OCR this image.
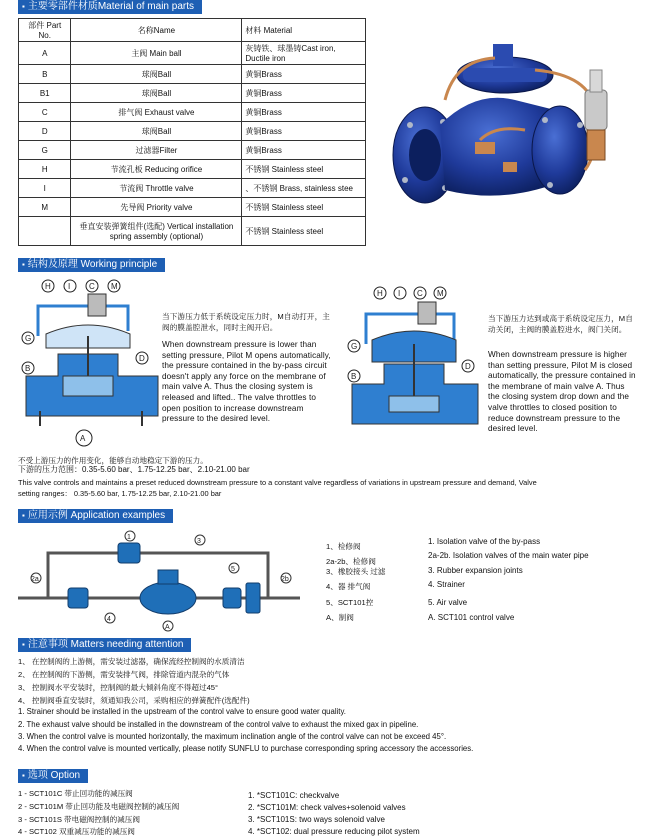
▪ 主要零部件材质Material of main parts
部件 Part No.	名称Name	材料 Material
A	主阀 Main ball	灰铸铁、球墨铸Cast iron, Ductile iron
B	球阀Ball	黄铜Brass
B1	球阀Ball	黄铜Brass
C	排气阀 Exhaust valve	黄铜Brass
D	球阀Ball	黄铜Brass
G	过滤器Filter	黄铜Brass
H	节流孔板 Reducing orifice	不锈钢 Stainless steel
I	节流阀 Throttle valve	、不锈钢 Brass, stainless stee
M	先导阀 Priority valve	不锈钢 Stainless steel
	垂直安装弹簧组件(选配) Vertical installation spring assembly (optional)	不锈钢 Stainless steel
▪ 结构及原理 Working principle
H I C M
G
B
D
A
当下游压力低于系统设定压力时，M自动打开，主阀的膜盖腔泄水，同时主阀开启。
When downstream pressure is lower than setting pressure, Pilot M opens automatically, the pressure contained in the by-pass circuit doesn't apply any force on the membrane of main valve A. Thus the closing system is released and lifted.. The valve throttles to open position to increase downstream pressure to the desired level.
H I C M
G
B
D
当下游压力达到或高于系统设定压力，M自动关闭，主阀的膜盖腔进水，阀门关闭。
When downstream pressure is higher than setting pressure, Pilot M is closed automatically, the pressure contained in the membrane of main valve A. Thus the closing system drop down and the valve throttles to closed position to reduce downstream pressure to the desired level.
不受上游压力的作用变化，能够自动地稳定下游的压力。
下游的压力范围：0.35-5.60 bar、1.75-12.25 bar、2.10-21.00 bar
This valve controls and maintains a preset reduced downstream pressure to a constant valve regardless of variations in upstream pressure and demand, Valve
setting ranges： 0.35-5.60 bar, 1.75-12.25 bar, 2.10-21.00 bar
▪ 应用示例 Application examples
1
2a	2b
3
4
5
A
1、检修阀
2a-2b、检修阀
3、橡胶接头 过滤
4、器 排气阀
5、SCT101控
A、制阀
1. Isolation valve of the by-pass
2a-2b. Isolation valves of the main water pipe
3. Rubber expansion joints
4. Strainer
5. Air valve
A. SCT101 control valve
▪ 注意事项 Matters needing attention
1、 在控制阀的上游侧，需安装过滤器，确保流经控制阀的水质清洁
2、 在控制阀的下游侧，需安装排气阀，排除管道内混杂的气体
3、 控制阀水平安装时，控制阀的最大倾斜角度不得超过45°
4、 控制阀垂直安装时，须通知我公司，采购相应的弹簧配件(选配件)
1. Strainer should be installed in the upstream of the control valve to ensure good water quality.
2. The exhaust valve should be installed in the downstream of the control valve to exhaust the mixed gax in pipeline.
3. When the control valve is mounted horizontally, the maximum inclination angle of the control valve can not be exceed 45°.
4. When the control valve is mounted vertically, please notify SUNFLU to purchase corresponding spring accessory the accessories.
▪ 选项 Option
1 - SCT101C 带止回功能的减压阀
2 - SCT101M 带止回功能及电磁阀控制的减压阀
3 - SCT101S 带电磁阀控制的减压阀
4 - SCT102 双重减压功能的减压阀
1. *SCT101C: checkvalve
2. *SCT101M: check valves+solenoid valves
3. *SCT101S: two ways solenoid valve
4. *SCT102: dual pressure reducing pilot system
